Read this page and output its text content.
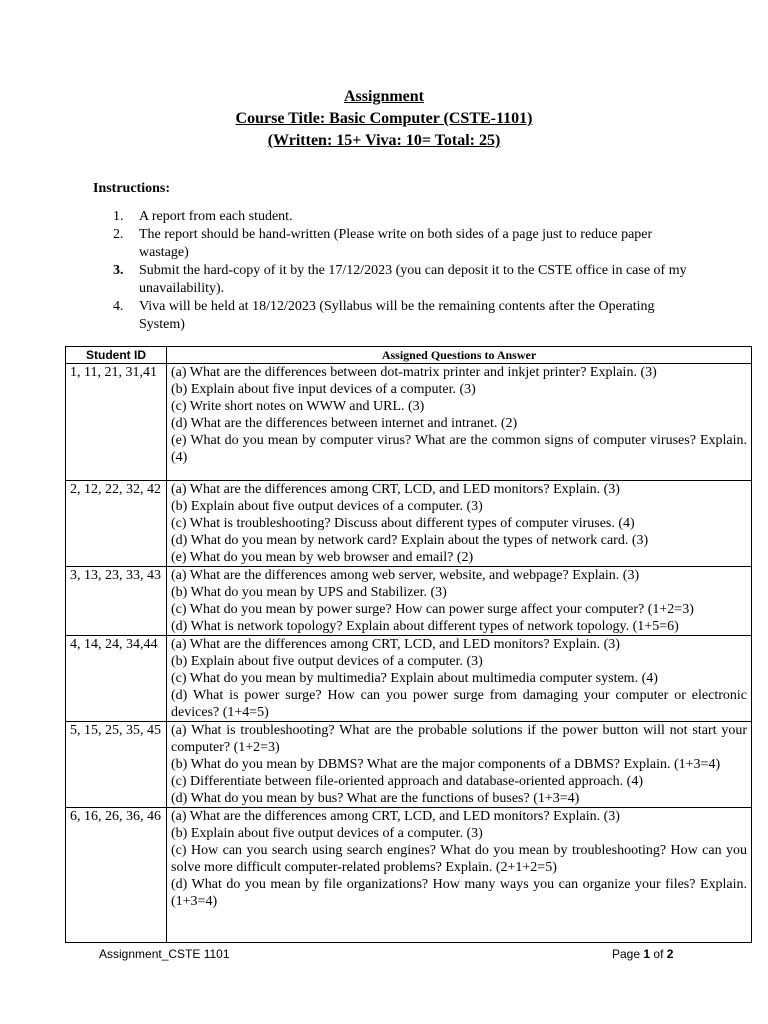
Assignment
Course Title: Basic Computer (CSTE-1101)
(Written: 15+ Viva: 10= Total: 25)
Instructions:
1.	A report from each student.
2.	The report should be hand-written (Please write on both sides of a page just to reduce paper wastage)
3.	Submit the hard-copy of it by the 17/12/2023 (you can deposit it to the CSTE office in case of my unavailability).
4.	Viva will be held at 18/12/2023 (Syllabus will be the remaining contents after the Operating System)
Student ID	Assigned Questions to Answer
1, 11, 21, 31,41	(a) What are the differences between dot-matrix printer and inkjet printer? Explain. (3)
(b) Explain about five input devices of a computer. (3)
(c) Write short notes on WWW and URL. (3)
(d) What are the differences between internet and intranet. (2)
(e) What do you mean by computer virus? What are the common signs of computer viruses? Explain. (4)

2, 12, 22, 32, 42	(a) What are the differences among CRT, LCD, and LED monitors? Explain. (3)
(b) Explain about five output devices of a computer. (3)
(c) What is troubleshooting? Discuss about different types of computer viruses. (4)
(d) What do you mean by network card? Explain about the types of network card. (3)
(e) What do you mean by web browser and email? (2)

3, 13, 23, 33, 43	(a) What are the differences among web server, website, and webpage? Explain. (3)
(b) What do you mean by UPS and Stabilizer. (3)
(c) What do you mean by power surge? How can power surge affect your computer? (1+2=3)
(d) What is network topology? Explain about different types of network topology. (1+5=6)

4, 14, 24, 34,44	(a) What are the differences among CRT, LCD, and LED monitors? Explain. (3)
(b) Explain about five output devices of a computer. (3)
(c) What do you mean by multimedia? Explain about multimedia computer system. (4)
(d) What is power surge? How can you power surge from damaging your computer or electronic devices? (1+4=5)

5, 15, 25, 35, 45	(a) What is troubleshooting? What are the probable solutions if the power button will not start your computer? (1+2=3)
(b) What do you mean by DBMS? What are the major components of a DBMS? Explain. (1+3=4)
(c) Differentiate between file-oriented approach and database-oriented approach. (4)
(d) What do you mean by bus? What are the functions of buses? (1+3=4)

6, 16, 26, 36, 46	(a) What are the differences among CRT, LCD, and LED monitors? Explain. (3)
(b) Explain about five output devices of a computer. (3)
(c) How can you search using search engines? What do you mean by troubleshooting? How can you solve more difficult computer-related problems? Explain. (2+1+2=5)
(d) What do you mean by file organizations? How many ways you can organize your files? Explain. (1+3=4)
Assignment_CSTE 1101	Page 1 of 2
